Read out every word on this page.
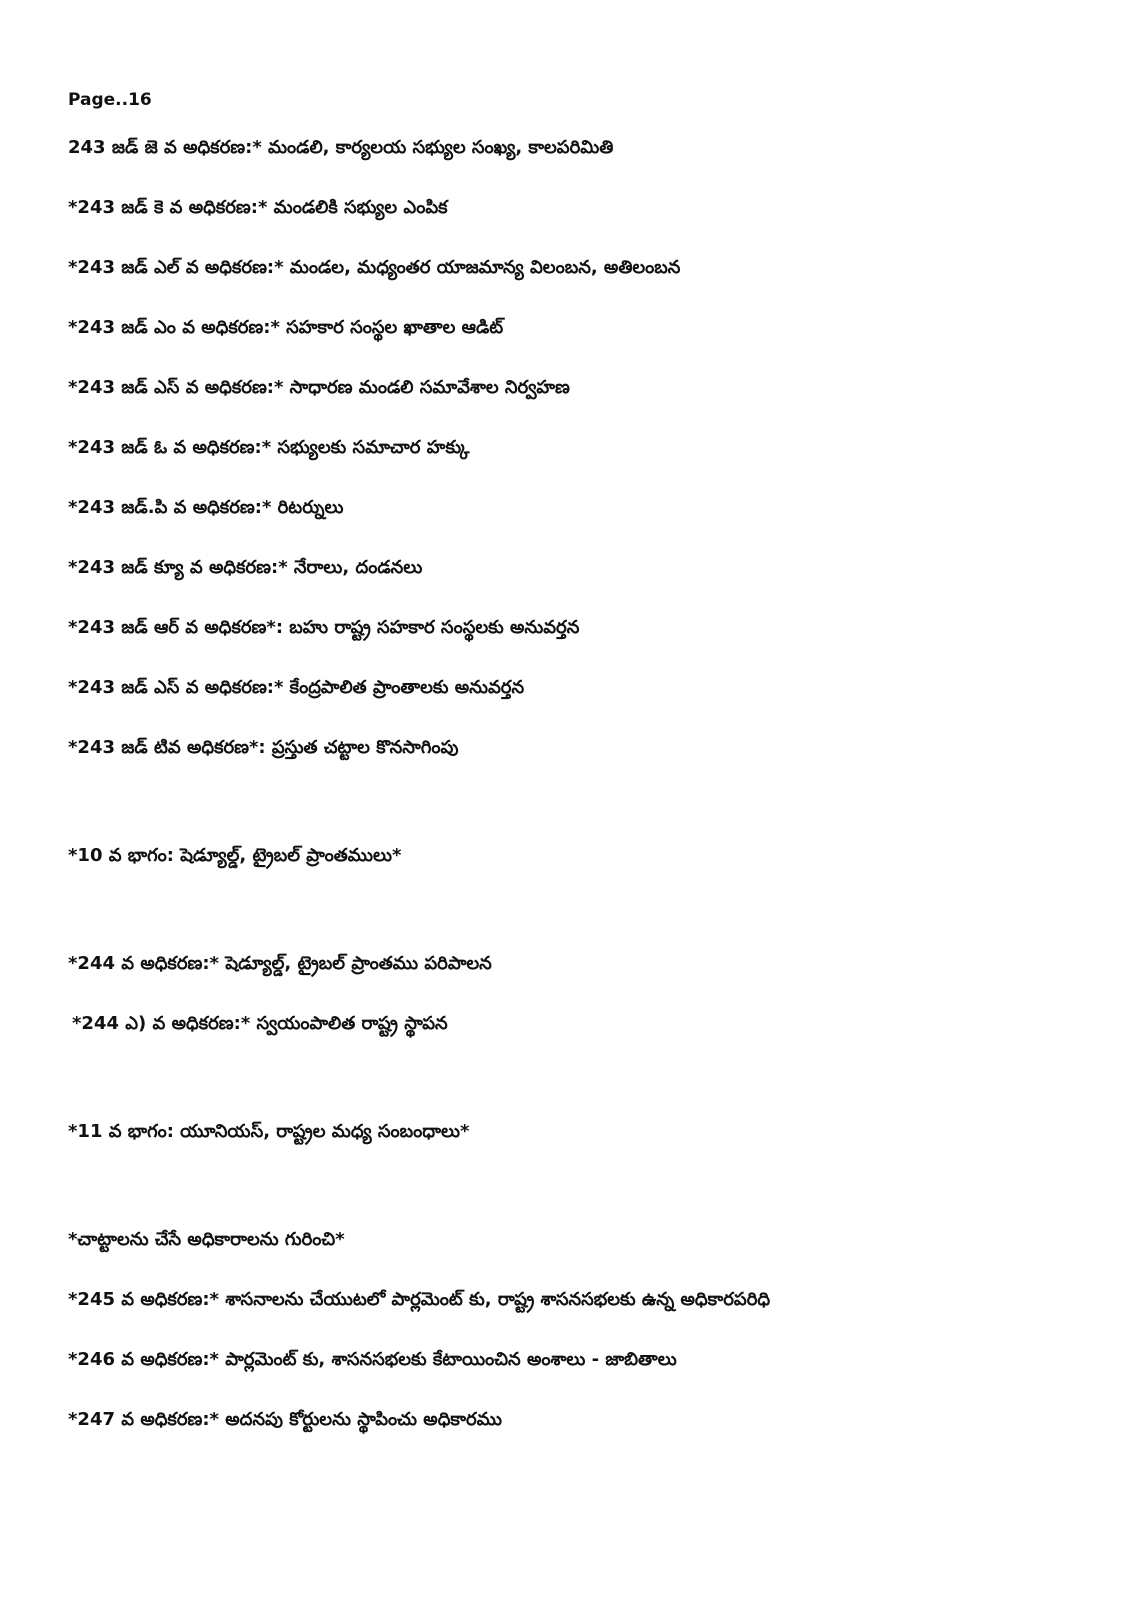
Page..16
243 జడ్ జె వ అధికరణ:* మండలి, కార్యలయ సభ్యుల సంఖ్య, కాలపరిమితి
*243 జడ్ కె వ అధికరణ:* మండలికి సభ్యుల ఎంపిక
*243 జడ్ ఎల్ వ అధికరణ:* మండల, మధ్యంతర యాజమాన్య విలంబన, అతిలంబన
*243 జడ్ ఎం వ అధికరణ:* సహకార సంస్థల ఖాతాల ఆడిట్
*243 జడ్ ఎస్ వ అధికరణ:* సాధారణ మండలి సమావేశాల నిర్వహణ
*243 జడ్ ఓ వ అధికరణ:* సభ్యులకు సమాచార హక్కు
*243 జడ్.పి వ అధికరణ:* రిటర్నులు
*243 జడ్ క్యూ వ అధికరణ:* నేరాలు, దండనలు
*243 జడ్ ఆర్ వ అధికరణ*: బహు రాష్ట్ర సహకార సంస్థలకు అనువర్తన
*243 జడ్ ఎస్ వ అధికరణ:* కేంద్రపాలిత ప్రాంతాలకు అనువర్తన
*243 జడ్ టివ అధికరణ*: ప్రస్తుత చట్టాల కొనసాగింపు
*10 వ భాగం: షెడ్యూల్డ్, ట్రైబల్ ప్రాంతములు*
*244 వ అధికరణ:* షెడ్యూల్డ్, ట్రైబల్ ప్రాంతము పరిపాలన
*244 ఎ) వ అధికరణ:* స్వయంపాలిత రాష్ట్ర స్థాపన
*11 వ భాగం: యూనియస్, రాష్ట్రల మధ్య సంబంధాలు*
*చాట్టాలను చేసే అధికారాలను గురించి*
*245 వ అధికరణ:* శాసనాలను చేయుటలో పార్లమెంట్ కు, రాష్ట్ర శాసనసభలకు ఉన్న అధికారపరిధి
*246 వ అధికరణ:* పార్లమెంట్ కు, శాసనసభలకు కేటాయించిన అంశాలు - జాబితాలు
*247 వ అధికరణ:* అదనపు కోర్టులను స్థాపించు అధికారము
